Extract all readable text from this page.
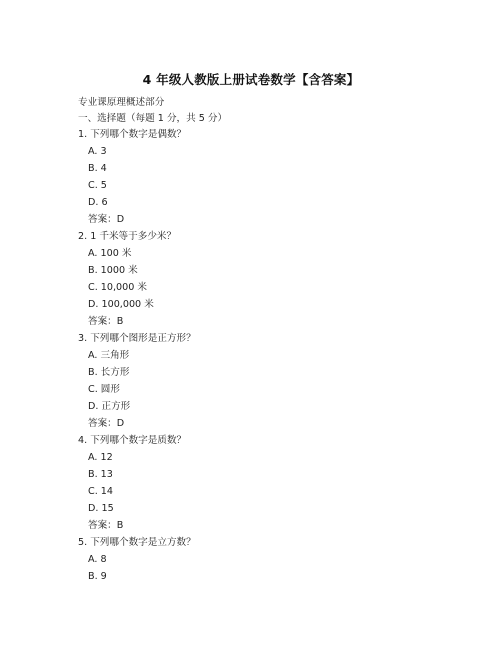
4 年级人教版上册试卷数学【含答案】
专业课原理概述部分
一、选择题（每题 1 分，共 5 分）
1. 下列哪个数字是偶数？
A. 3
B. 4
C. 5
D. 6
答案：D
2. 1 千米等于多少米？
A. 100 米
B. 1000 米
C. 10,000 米
D. 100,000 米
答案：B
3. 下列哪个图形是正方形？
A. 三角形
B. 长方形
C. 圆形
D. 正方形
答案：D
4. 下列哪个数字是质数？
A. 12
B. 13
C. 14
D. 15
答案：B
5. 下列哪个数字是立方数？
A. 8
B. 9
